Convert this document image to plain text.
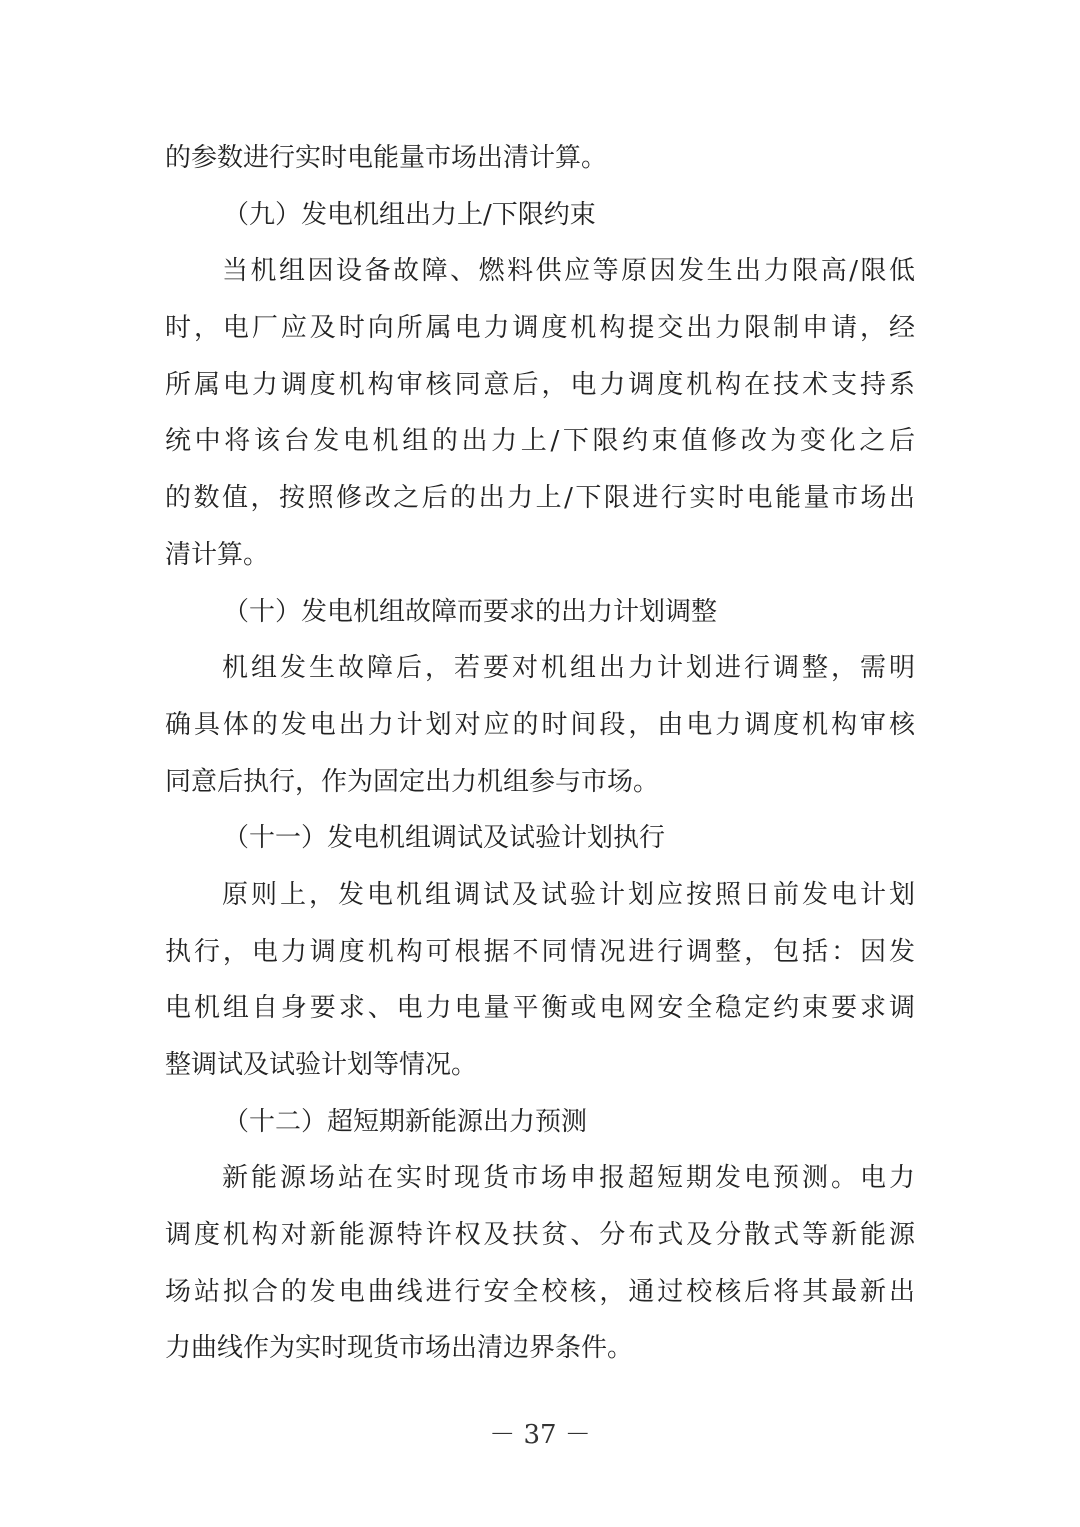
的参数进行实时电能量市场出清计算。
（九）发电机组出力上/下限约束
当机组因设备故障、燃料供应等原因发生出力限高/限低
时，电厂应及时向所属电力调度机构提交出力限制申请，经
所属电力调度机构审核同意后，电力调度机构在技术支持系
统中将该台发电机组的出力上/下限约束值修改为变化之后
的数值，按照修改之后的出力上/下限进行实时电能量市场出
清计算。
（十）发电机组故障而要求的出力计划调整
机组发生故障后，若要对机组出力计划进行调整，需明
确具体的发电出力计划对应的时间段，由电力调度机构审核
同意后执行，作为固定出力机组参与市场。
（十一）发电机组调试及试验计划执行
原则上，发电机组调试及试验计划应按照日前发电计划
执行，电力调度机构可根据不同情况进行调整，包括：因发
电机组自身要求、电力电量平衡或电网安全稳定约束要求调
整调试及试验计划等情况。
（十二）超短期新能源出力预测
新能源场站在实时现货市场申报超短期发电预测。电力
调度机构对新能源特许权及扶贫、分布式及分散式等新能源
场站拟合的发电曲线进行安全校核，通过校核后将其最新出
力曲线作为实时现货市场出清边界条件。
－ 37 －
